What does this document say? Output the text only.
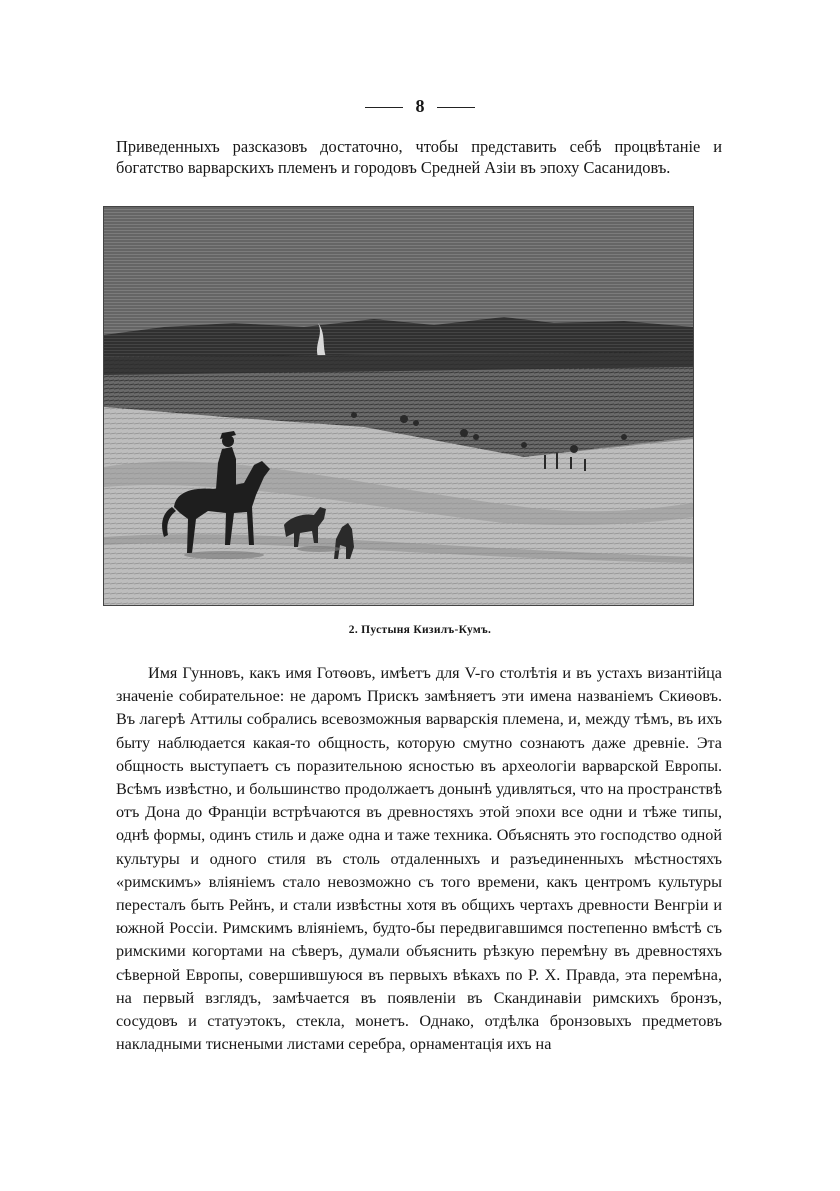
8
Приведенныхъ разсказовъ достаточно, чтобы представить себѣ процвѣтаніе и богатство варварскихъ племенъ и городовъ Средней Азіи въ эпоху Сасанидовъ.
2. Пустыня Кизилъ-Кумъ.

Имя Гунновъ, какъ имя Готѳовъ, имѣетъ для V-го столѣтія и въ устахъ византійца значеніе собирательное: не даромъ Прискъ замѣняетъ эти имена названіемъ Скиѳовъ. Въ лагерѣ Аттилы собрались всевозможныя варварскія племена, и, между тѣмъ, въ ихъ быту наблюдается какая-то общность, которую смутно сознаютъ даже древніе. Эта общность выступаетъ съ поразительною ясностью въ археологіи варварской Европы. Всѣмъ извѣстно, и большинство продолжаетъ донынѣ удивляться, что на пространствѣ отъ Дона до Франціи встрѣчаются въ древностяхъ этой эпохи все одни и тѣже типы, однѣ формы, одинъ стиль и даже одна и таже техника. Объяснять это господство одной культуры и одного стиля въ столь отдаленныхъ и разъединенныхъ мѣстностяхъ «римскимъ» вліяніемъ стало невозможно съ того времени, какъ центромъ культуры пересталъ быть Рейнъ, и стали извѣстны хотя въ общихъ чертахъ древности Венгріи и южной Россіи. Римскимъ вліяніемъ, будто-бы передвигавшимся постепенно вмѣстѣ съ римскими когортами на сѣверъ, думали объяснить рѣзкую перемѣну въ древностяхъ сѣверной Европы, совершившуюся въ первыхъ вѣкахъ по Р. Х. Правда, эта перемѣна, на первый взглядъ, замѣчается въ появленіи въ Скандинавіи римскихъ бронзъ, сосудовъ и статуэтокъ, стекла, монетъ. Однако, отдѣлка бронзовыхъ предметовъ накладными тиснеными листами серебра, орнаментація ихъ на
